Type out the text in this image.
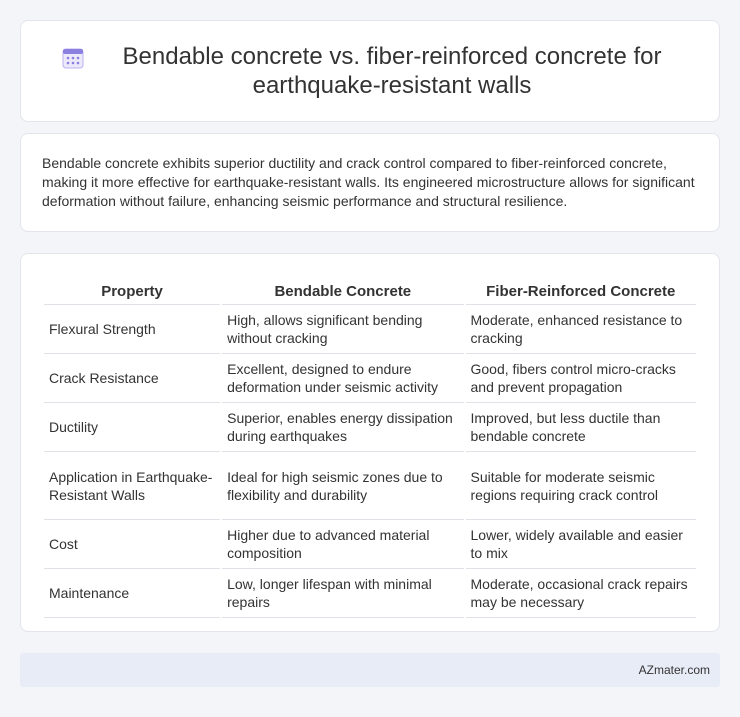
Bendable concrete vs. fiber-reinforced concrete for earthquake-resistant walls

Bendable concrete exhibits superior ductility and crack control compared to fiber-reinforced concrete, making it more effective for earthquake-resistant walls. Its engineered microstructure allows for significant deformation without failure, enhancing seismic performance and structural resilience.

Property	Bendable Concrete	Fiber-Reinforced Concrete
Flexural Strength	High, allows significant bending without cracking	Moderate, enhanced resistance to cracking
Crack Resistance	Excellent, designed to endure deformation under seismic activity	Good, fibers control micro-cracks and prevent propagation
Ductility	Superior, enables energy dissipation during earthquakes	Improved, but less ductile than bendable concrete
Application in Earthquake-Resistant Walls	Ideal for high seismic zones due to flexibility and durability	Suitable for moderate seismic regions requiring crack control
Cost	Higher due to advanced material composition	Lower, widely available and easier to mix
Maintenance	Low, longer lifespan with minimal repairs	Moderate, occasional crack repairs may be necessary
AZmater.com
